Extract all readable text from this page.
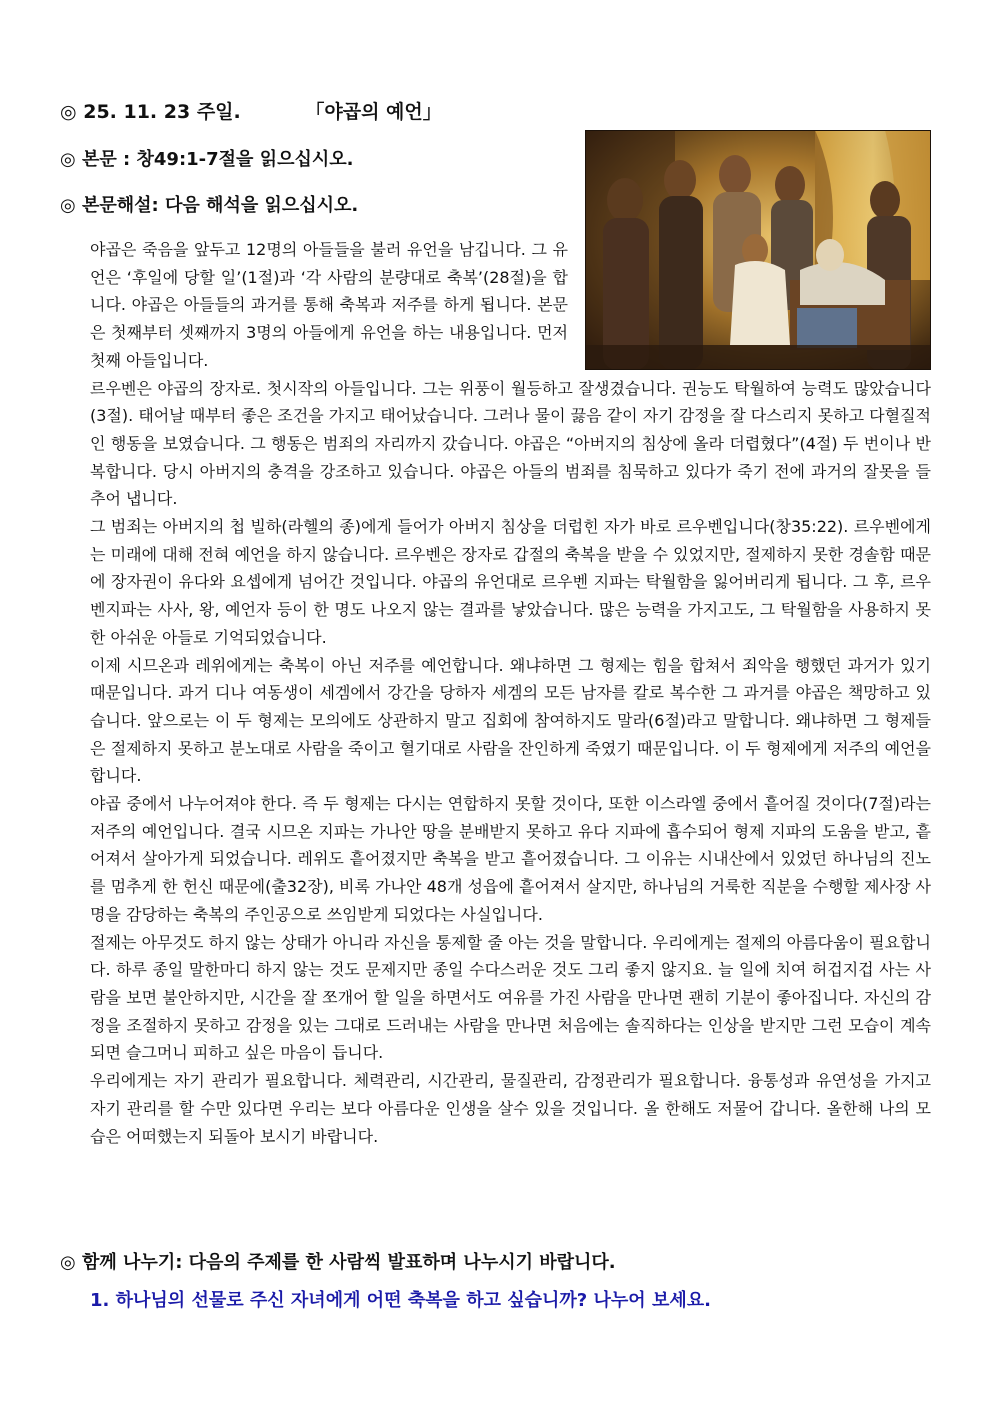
◎ 25. 11. 23 주일.	「야곱의 예언」
◎ 본문 : 창49:1-7절을 읽으십시오.
◎ 본문해설: 다음 해석을 읽으십시오.

야곱은 죽음을 앞두고 12명의 아들들을 불러 유언을 남깁니다. 그 유언은 ‘후일에 당할 일’(1절)과 ‘각 사람의 분량대로 축복’(28절)을 합니다. 야곱은 아들들의 과거를 통해 축복과 저주를 하게 됩니다. 본문은 첫째부터 셋째까지 3명의 아들에게 유언을 하는 내용입니다. 먼저 첫째 아들입니다.

르우벤은 야곱의 장자로. 첫시작의 아들입니다. 그는 위풍이 월등하고 잘생겼습니다. 권능도 탁월하여 능력도 많았습니다(3절). 태어날 때부터 좋은 조건을 가지고 태어났습니다. 그러나 물이 끓음 같이 자기 감정을 잘 다스리지 못하고 다혈질적인 행동을 보였습니다. 그 행동은 범죄의 자리까지 갔습니다. 야곱은 “아버지의 침상에 올라 더렵혔다”(4절) 두 번이나 반복합니다. 당시 아버지의 충격을 강조하고 있습니다. 야곱은 아들의 범죄를 침묵하고 있다가 죽기 전에 과거의 잘못을 들추어 냅니다.

그 범죄는 아버지의 첩 빌하(라헬의 종)에게 들어가 아버지 침상을 더럽힌 자가 바로 르우벤입니다(창35:22). 르우벤에게는 미래에 대해 전혀 예언을 하지 않습니다. 르우벤은 장자로 갑절의 축복을 받을 수 있었지만, 절제하지 못한 경솔함 때문에 장자권이 유다와 요셉에게 넘어간 것입니다. 야곱의 유언대로 르우벤 지파는 탁월함을 잃어버리게 됩니다. 그 후, 르우벤지파는 사사, 왕, 예언자 등이 한 명도 나오지 않는 결과를 낳았습니다. 많은 능력을 가지고도, 그 탁월함을 사용하지 못한 아쉬운 아들로 기억되었습니다.

이제 시므온과 레위에게는 축복이 아닌 저주를 예언합니다. 왜냐하면 그 형제는 힘을 합쳐서 죄악을 행했던 과거가 있기 때문입니다. 과거 디나 여동생이 세겜에서 강간을 당하자 세겜의 모든 남자를 칼로 복수한 그 과거를 야곱은 책망하고 있습니다. 앞으로는 이 두 형제는 모의에도 상관하지 말고 집회에 참여하지도 말라(6절)라고 말합니다. 왜냐하면 그 형제들은 절제하지 못하고 분노대로 사람을 죽이고 혈기대로 사람을 잔인하게 죽였기 때문입니다. 이 두 형제에게 저주의 예언을 합니다.

야곱 중에서 나누어져야 한다. 즉 두 형제는 다시는 연합하지 못할 것이다, 또한 이스라엘 중에서 흩어질 것이다(7절)라는 저주의 예언입니다. 결국 시므온 지파는 가나안 땅을 분배받지 못하고 유다 지파에 흡수되어 형제 지파의 도움을 받고, 흩어져서 살아가게 되었습니다. 레위도 흩어졌지만 축복을 받고 흩어졌습니다. 그 이유는 시내산에서 있었던 하나님의 진노를 멈추게 한 헌신 때문에(출32장), 비록 가나안 48개 성읍에 흩어져서 살지만, 하나님의 거룩한 직분을 수행할 제사장 사명을 감당하는 축복의 주인공으로 쓰임받게 되었다는 사실입니다.

절제는 아무것도 하지 않는 상태가 아니라 자신을 통제할 줄 아는 것을 말합니다. 우리에게는 절제의 아름다움이 필요합니다. 하루 종일 말한마디 하지 않는 것도 문제지만 종일 수다스러운 것도 그리 좋지 않지요. 늘 일에 치여 허겁지겁 사는 사람을 보면 불안하지만, 시간을 잘 쪼개어 할 일을 하면서도 여유를 가진 사람을 만나면 괜히 기분이 좋아집니다. 자신의 감정을 조절하지 못하고 감정을 있는 그대로 드러내는 사람을 만나면 처음에는 솔직하다는 인상을 받지만 그런 모습이 계속되면 슬그머니 피하고 싶은 마음이 듭니다.

우리에게는 자기 관리가 필요합니다. 체력관리, 시간관리, 물질관리, 감정관리가 필요합니다. 융통성과 유연성을 가지고 자기 관리를 할 수만 있다면 우리는 보다 아름다운 인생을 살수 있을 것입니다. 올 한해도 저물어 갑니다. 올한해 나의 모습은 어떠했는지 되돌아 보시기 바랍니다.

◎ 함께 나누기: 다음의 주제를 한 사람씩 발표하며 나누시기 바랍니다.
1. 하나님의 선물로 주신 자녀에게 어떤 축복을 하고 싶습니까? 나누어 보세요.
